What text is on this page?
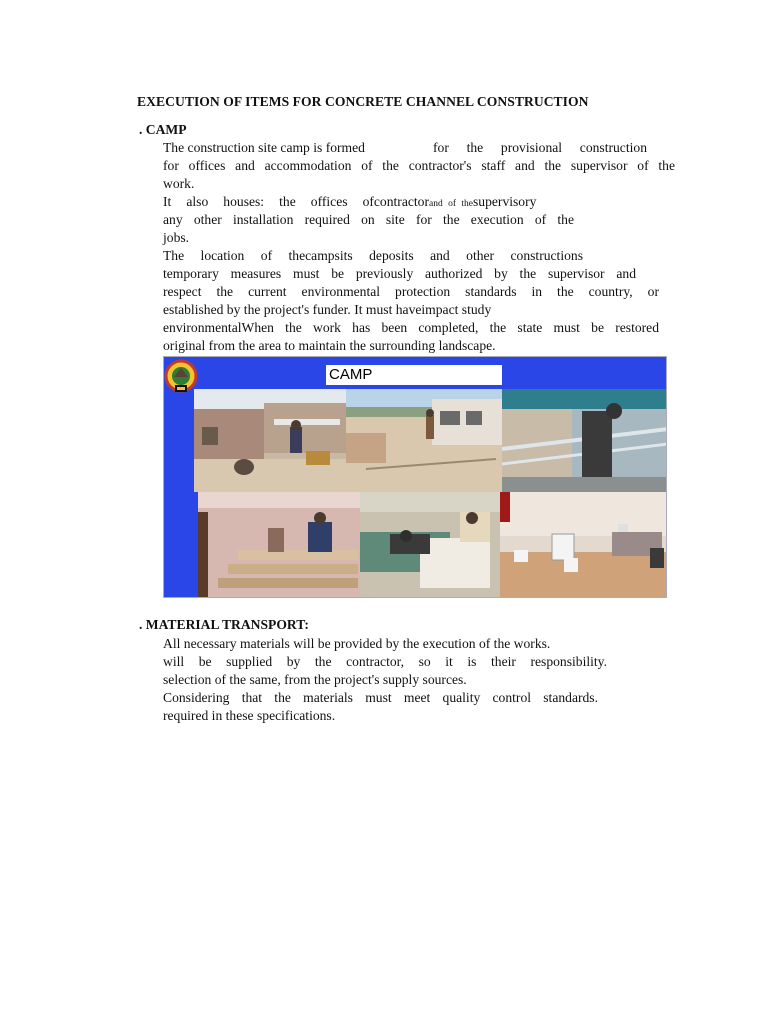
EXECUTION OF ITEMS FOR CONCRETE CHANNEL CONSTRUCTION
. CAMP
The construction site camp is formed	for the provisional construction
for offices and accommodation of the contractor's staff and the supervisor of the
work.
It also houses: the offices ofcontractorand of thesupervisory
any other installation required on site for the execution of the
jobs.
The location of thecampsits deposits and other constructions
temporary measures must be previously authorized by the supervisor and
respect the current environmental protection standards in the country, or
established by the project's funder. It must haveimpact study
environmentalWhen the work has been completed, the state must be restored
original from the area to maintain the surrounding landscape.
CAMP
. MATERIAL TRANSPORT:
All necessary materials will be provided by the execution of the works.
will be supplied by the contractor, so it is their responsibility.
selection of the same, from the project's supply sources.
Considering that the materials must meet quality control standards.
required in these specifications.
